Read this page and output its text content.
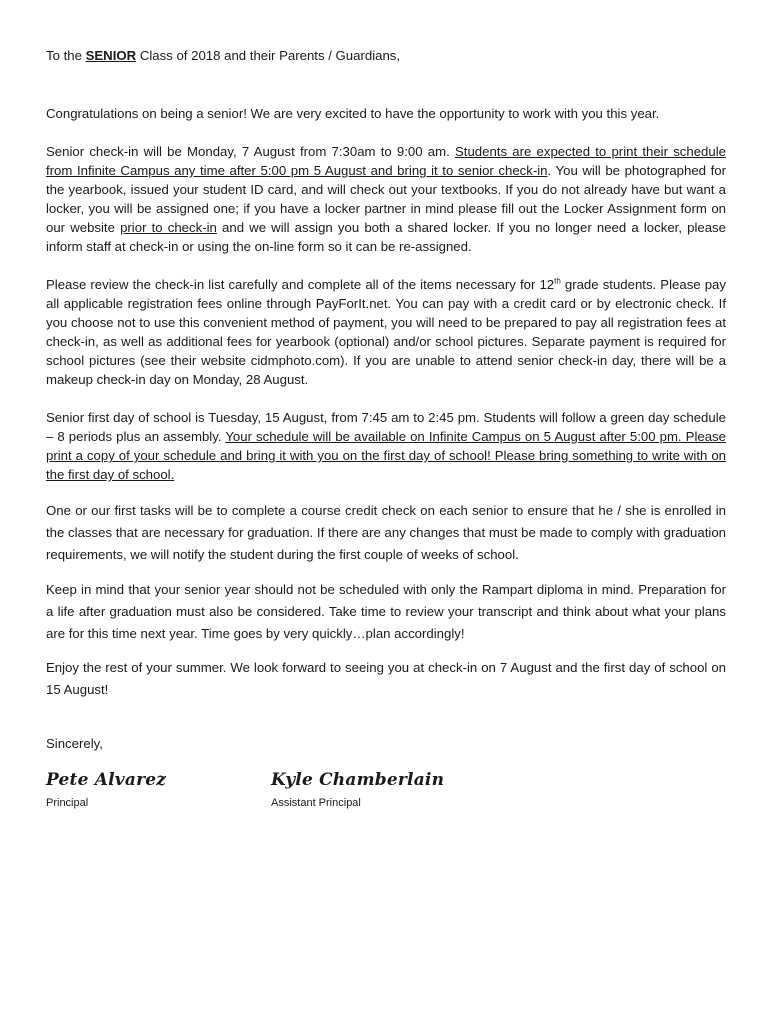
To the SENIOR Class of 2018 and their Parents / Guardians,

Congratulations on being a senior! We are very excited to have the opportunity to work with you this year.

Senior check-in will be Monday, 7 August from 7:30am to 9:00 am. Students are expected to print their schedule from Infinite Campus any time after 5:00 pm 5 August and bring it to senior check-in. You will be photographed for the yearbook, issued your student ID card, and will check out your textbooks. If you do not already have but want a locker, you will be assigned one; if you have a locker partner in mind please fill out the Locker Assignment form on our website prior to check-in and we will assign you both a shared locker. If you no longer need a locker, please inform staff at check-in or using the on-line form so it can be re-assigned.

Please review the check-in list carefully and complete all of the items necessary for 12th grade students. Please pay all applicable registration fees online through PayForIt.net. You can pay with a credit card or by electronic check. If you choose not to use this convenient method of payment, you will need to be prepared to pay all registration fees at check-in, as well as additional fees for yearbook (optional) and/or school pictures. Separate payment is required for school pictures (see their website cidmphoto.com). If you are unable to attend senior check-in day, there will be a makeup check-in day on Monday, 28 August.

Senior first day of school is Tuesday, 15 August, from 7:45 am to 2:45 pm. Students will follow a green day schedule – 8 periods plus an assembly. Your schedule will be available on Infinite Campus on 5 August after 5:00 pm. Please print a copy of your schedule and bring it with you on the first day of school! Please bring something to write with on the first day of school.

One or our first tasks will be to complete a course credit check on each senior to ensure that he / she is enrolled in the classes that are necessary for graduation. If there are any changes that must be made to comply with graduation requirements, we will notify the student during the first couple of weeks of school.

Keep in mind that your senior year should not be scheduled with only the Rampart diploma in mind. Preparation for a life after graduation must also be considered. Take time to review your transcript and think about what your plans are for this time next year. Time goes by very quickly…plan accordingly!

Enjoy the rest of your summer. We look forward to seeing you at check-in on 7 August and the first day of school on 15 August!

Sincerely,

Pete Alvarez
Principal
Kyle Chamberlain
Assistant Principal
